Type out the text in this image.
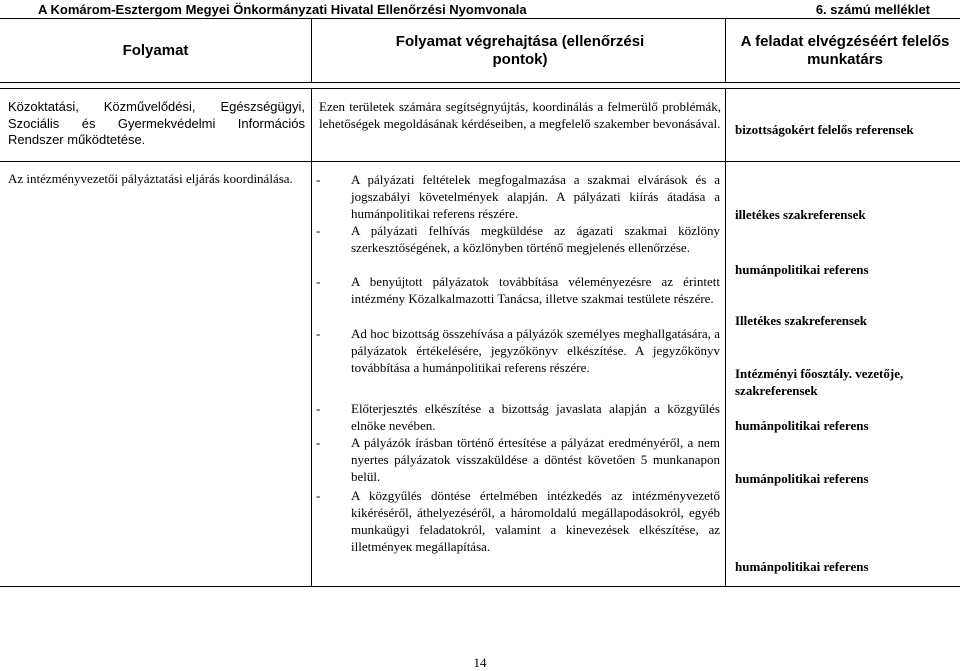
A Komárom-Esztergom Megyei Önkormányzati Hivatal Ellenőrzési Nyomvonala	6. számú melléklet
Folyamat
Folyamat végrehajtása (ellenőrzési pontok)
A feladat elvégzéséért felelős munkatárs
Közoktatási, Közművelődési, Egészségügyi, Szociális és Gyermekvédelmi Információs Rendszer működtetése.
Ezen területek számára segítségnyújtás, koordinálás a felmerülő problémák, lehetőségek megoldásának kérdéseiben, a megfelelő szakember bevonásával. bizottságokért felelős referensek
Az intézményvezetői pályáztatási eljárás koordinálása.	- A pályázati feltételek megfogalmazása a szakmai elvárások és a jogszabályi követelmények alapján. A pályázati kiírás átadása a humánpolitikai referens részére.
- A pályázati felhívás megküldése az ágazati szakmai közlöny szerkesztőségének, a közlönyben történő megjelenés ellenőrzése.
- A benyújtott pályázatok továbbítása véleményezésre az érintett intézmény Közalkalmazotti Tanácsa, illetve szakmai testülete részére.
- Ad hoc bizottság összehívása a pályázók személyes meghallgatására, a pályázatok értékelésére, jegyzőkönyv elkészítése. A jegyzőkönyv továbbítása a humánpolitikai referens részére.
- Előterjesztés elkészítése a bizottság javaslata alapján a közgyűlés elnöke nevében.
- A pályázók írásban történő értesítése a pályázat eredményéről, a nem nyertes pályázatok visszaküldése a döntést követően 5 munkanapon belül.
- A közgyűlés döntése értelmében intézkedés az intézményvezető kikéréséről, áthelyezéséről, a háromoldalú megállapodásokról, egyéb munkaügyi feladatokról, valamint a kinevezések elkészítése, az illetményeк megállapítása.
illetékes szakreferensek
humánpolitikai referens
Illetékes szakreferensek
Intézményi főosztály. vezetője, szakreferensek
humánpolitikai referens
humánpolitikai referens
humánpolitikai referens
14
